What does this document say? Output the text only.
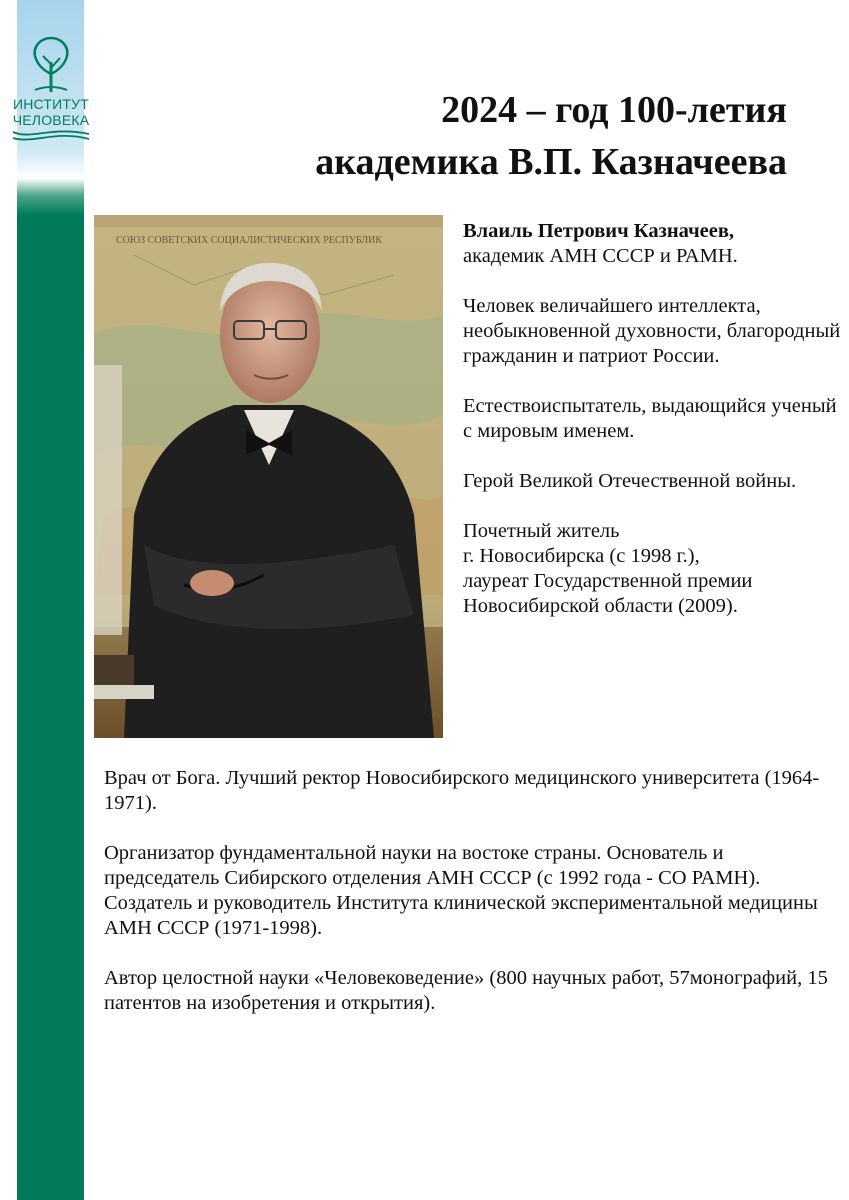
ИНСТИТУТ
ЧЕЛОВЕКА	2024 – год 100-летия
академика В.П. Казначеева
СОЮЗ СОВЕТСКИХ СОЦИАЛИСТИЧЕСКИХ РЕСПУБЛИК	Влаиль Петрович Казначеев,
академик АМН СССР и РАМН.

Человек величайшего интеллекта, необыкновенной духовности, благородный гражданин и патриот России.

Естествоиспытатель, выдающийся ученый с мировым именем.

Герой Великой Отечественной войны.

Почетный житель
г. Новосибирска (с 1998 г.),
лауреат Государственной премии
Новосибирской области (2009).

Врач от Бога. Лучший ректор Новосибирского медицинского университета (1964-1971).

Организатор фундаментальной науки на востоке страны. Основатель и председатель Сибирского отделения АМН СССР (с 1992 года - СО РАМН). Создатель и руководитель Института клинической экспериментальной медицины АМН СССР (1971-1998).

Автор целостной науки «Человековедение» (800 научных работ, 57монографий, 15 патентов на изобретения и открытия).
